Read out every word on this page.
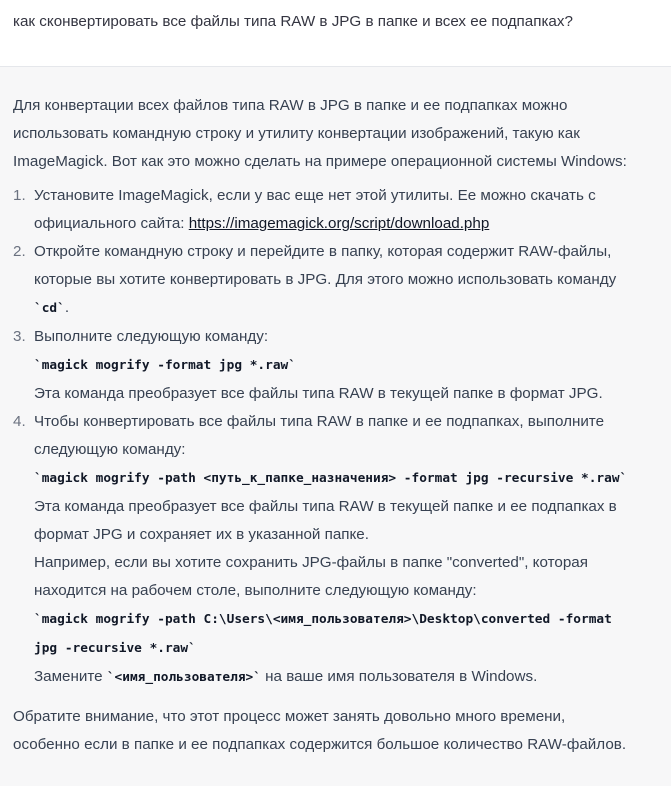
как сконвертировать все файлы типа RAW в JPG в папке и всех ее подпапках?

Для конвертации всех файлов типа RAW в JPG в папке и ее подпапках можно
использовать командную строку и утилиту конвертации изображений, такую как
ImageMagick. Вот как это можно сделать на примере операционной системы Windows:

1. Установите ImageMagick, если у вас еще нет этой утилиты. Ее можно скачать с
официального сайта: https://imagemagick.org/script/download.php
2. Откройте командную строку и перейдите в папку, которая содержит RAW-файлы,
которые вы хотите конвертировать в JPG. Для этого можно использовать команду
`cd`.
3. Выполните следующую команду:
`magick mogrify -format jpg *.raw`
Эта команда преобразует все файлы типа RAW в текущей папке в формат JPG.
4. Чтобы конвертировать все файлы типа RAW в папке и ее подпапках, выполните
следующую команду:
`magick mogrify -path <путь_к_папке_назначения> -format jpg -recursive *.raw`
Эта команда преобразует все файлы типа RAW в текущей папке и ее подпапках в
формат JPG и сохраняет их в указанной папке.
Например, если вы хотите сохранить JPG-файлы в папке "converted", которая
находится на рабочем столе, выполните следующую команду:
`magick mogrify -path C:\Users\<имя_пользователя>\Desktop\converted -format
jpg -recursive *.raw`
Замените `<имя_пользователя>` на ваше имя пользователя в Windows.

Обратите внимание, что этот процесс может занять довольно много времени,
особенно если в папке и ее подпапках содержится большое количество RAW-файлов.
